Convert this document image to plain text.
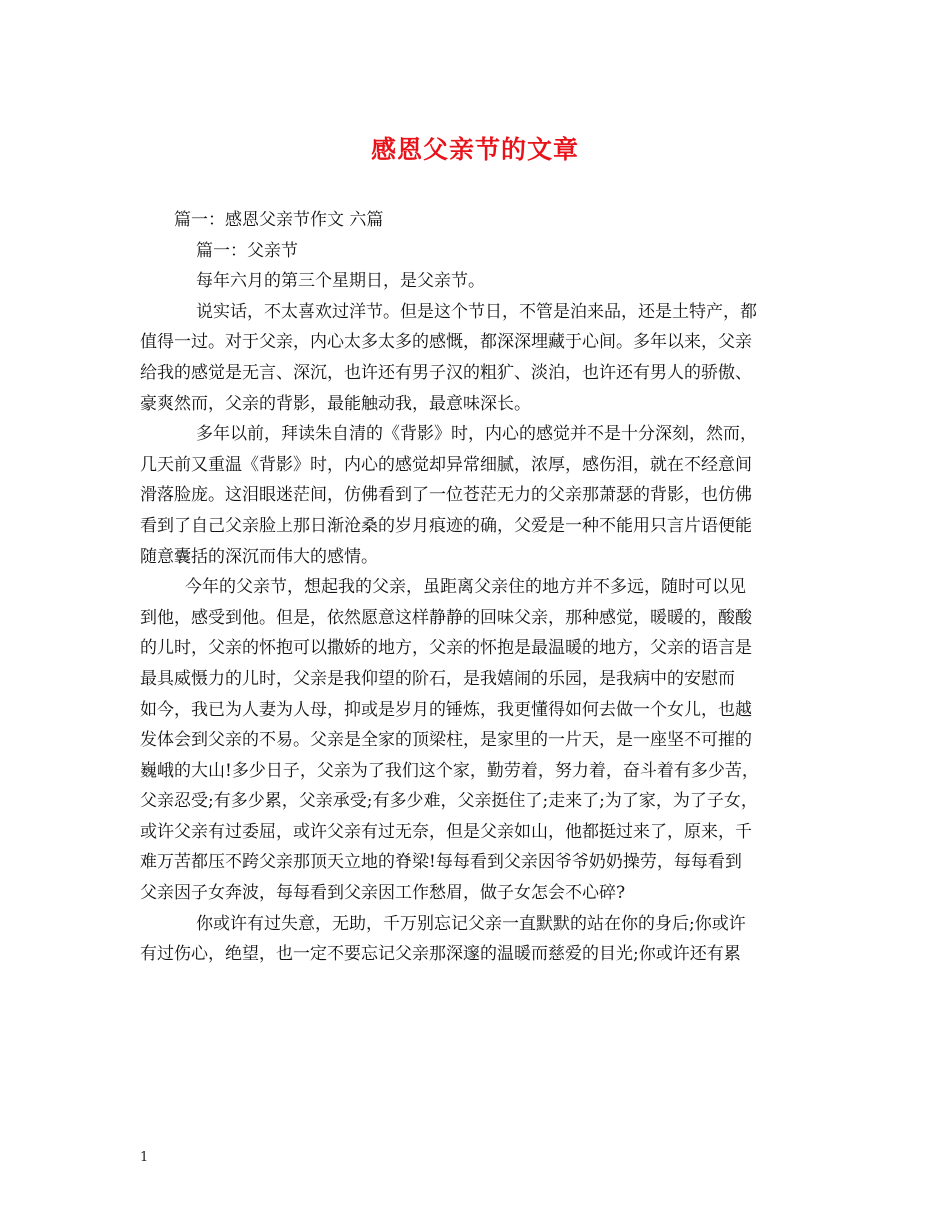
感恩父亲节的文章
篇一：感恩父亲节作文 六篇
篇一：父亲节
每年六月的第三个星期日，是父亲节。
说实话，不太喜欢过洋节。但是这个节日，不管是泊来品，还是土特产，都
值得一过。对于父亲，内心太多太多的感慨，都深深埋藏于心间。多年以来，父亲
给我的感觉是无言、深沉，也许还有男子汉的粗犷、淡泊，也许还有男人的骄傲、
豪爽然而，父亲的背影，最能触动我，最意味深长。
多年以前，拜读朱自清的《背影》时，内心的感觉并不是十分深刻，然而，
几天前又重温《背影》时，内心的感觉却异常细腻，浓厚，感伤泪，就在不经意间
滑落脸庞。这泪眼迷茫间，仿佛看到了一位苍茫无力的父亲那萧瑟的背影，也仿佛
看到了自己父亲脸上那日渐沧桑的岁月痕迹的确，父爱是一种不能用只言片语便能
随意囊括的深沉而伟大的感情。
今年的父亲节，想起我的父亲，虽距离父亲住的地方并不多远，随时可以见
到他，感受到他。但是，依然愿意这样静静的回味父亲，那种感觉，暖暖的，酸酸
的儿时，父亲的怀抱可以撒娇的地方，父亲的怀抱是最温暖的地方，父亲的语言是
最具威慑力的儿时，父亲是我仰望的阶石，是我嬉闹的乐园，是我病中的安慰而
如今，我已为人妻为人母，抑或是岁月的锤炼，我更懂得如何去做一个女儿，也越
发体会到父亲的不易。父亲是全家的顶梁柱，是家里的一片天，是一座坚不可摧的
巍峨的大山!多少日子，父亲为了我们这个家，勤劳着，努力着，奋斗着有多少苦，
父亲忍受;有多少累，父亲承受;有多少难，父亲挺住了;走来了;为了家，为了子女，
或许父亲有过委屈，或许父亲有过无奈，但是父亲如山，他都挺过来了，原来，千
难万苦都压不跨父亲那顶天立地的脊梁!每每看到父亲因爷爷奶奶操劳，每每看到
父亲因子女奔波，每每看到父亲因工作愁眉，做子女怎会不心碎?
你或许有过失意，无助，千万别忘记父亲一直默默的站在你的身后;你或许
有过伤心，绝望，也一定不要忘记父亲那深邃的温暖而慈爱的目光;你或许还有累
1
